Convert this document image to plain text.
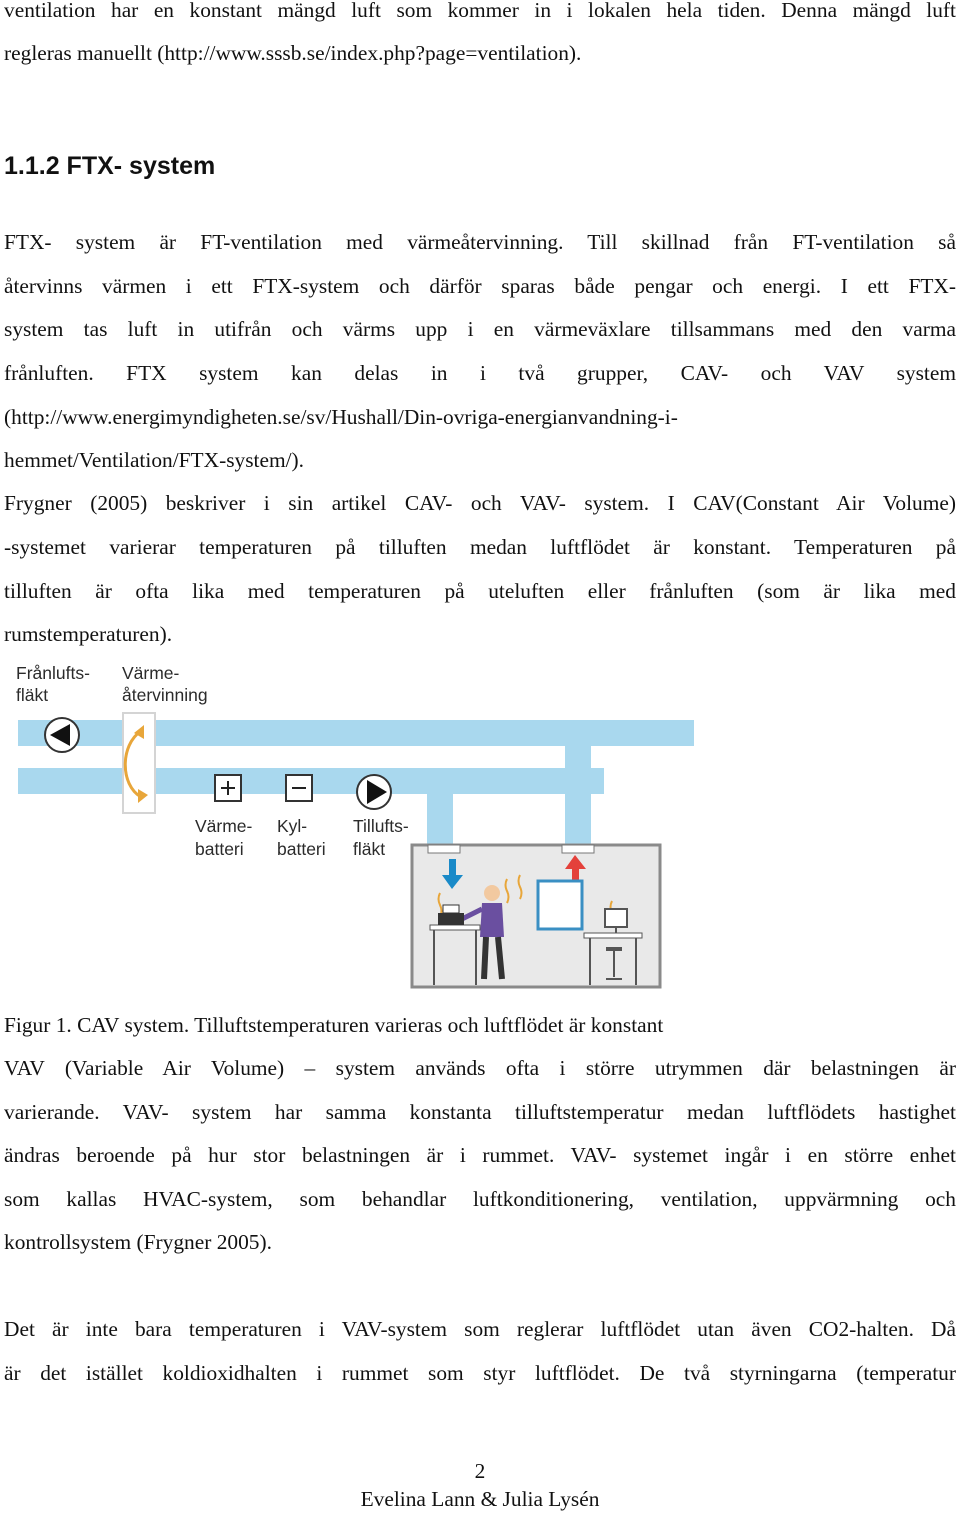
ventilation har en konstant mängd luft som kommer in i lokalen hela tiden. Denna mängd luft
regleras manuellt (http://www.sssb.se/index.php?page=ventilation).
1.1.2 FTX- system
FTX- system är FT-ventilation med värmeåtervinning. Till skillnad från FT-ventilation så
återvinns värmen i ett FTX-system och därför sparas både pengar och energi. I ett FTX-
system tas luft in utifrån och värms upp i en värmeväxlare tillsammans med den varma
frånluften. FTX system kan delas in i två grupper, CAV- och VAV system
(http://www.energimyndigheten.se/sv/Hushall/Din-ovriga-energianvandning-i-
hemmet/Ventilation/FTX-system/).
Frygner (2005) beskriver i sin artikel CAV- och VAV- system. I CAV(Constant Air Volume)
-systemet varierar temperaturen på tilluften medan luftflödet är konstant. Temperaturen på
tilluften är ofta lika med temperaturen på uteluften eller frånluften (som är lika med
rumstemperaturen).
Frånlufts-
fläkt
Värme-
återvinning
Värme-
batteri
Kyl-
batteri
Tillufts-
fläkt
Figur 1. CAV system. Tilluftstemperaturen varieras och luftflödet är konstant
VAV (Variable Air Volume) – system används ofta i större utrymmen där belastningen är
varierande. VAV- system har samma konstanta tilluftstemperatur medan luftflödets hastighet
ändras beroende på hur stor belastningen är i rummet. VAV- systemet ingår i en större enhet
som kallas HVAC-system, som behandlar luftkonditionering, ventilation, uppvärmning och
kontrollsystem (Frygner 2005).
Det är inte bara temperaturen i VAV-system som reglerar luftflödet utan även CO2-halten. Då
är det istället koldioxidhalten i rummet som styr luftflödet. De två styrningarna (temperatur
2
Evelina Lann & Julia Lysén
